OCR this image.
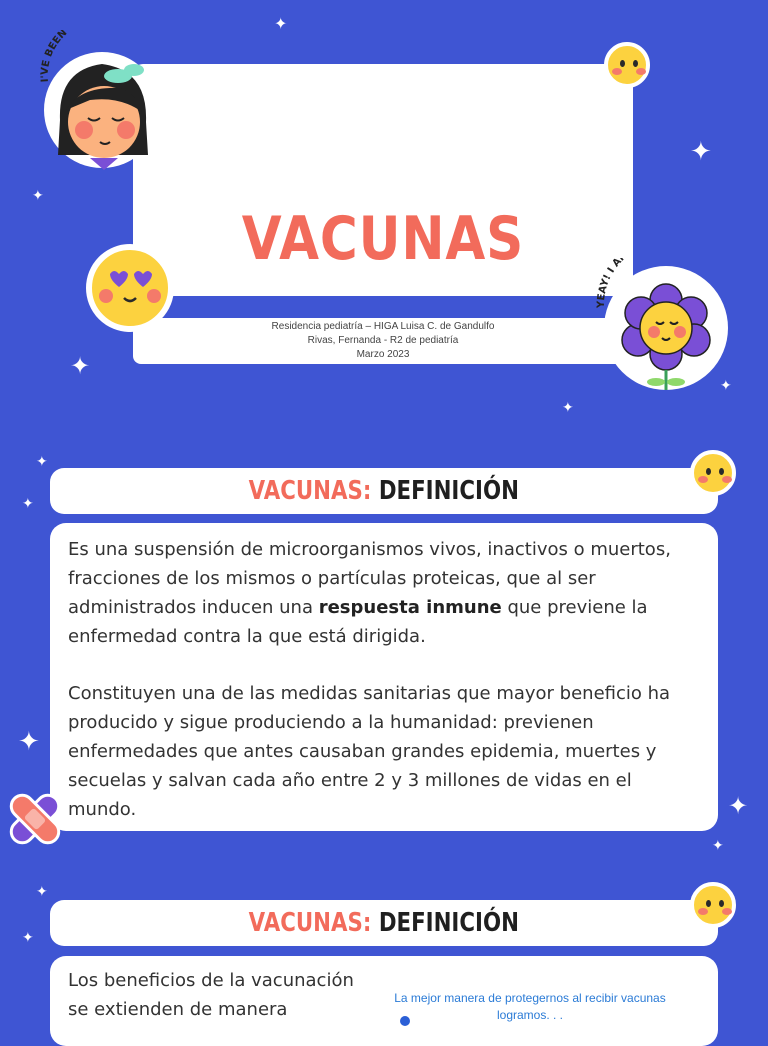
VACUNAS
Residencia pediatría – HIGA Luisa C. de Gandulfo
Rivas, Fernanda - R2 de pediatría
Marzo 2023
I'VE BEEN
YEAY! I A
✦
✦
✦
✦
✦
✦
✦
✦
✦
✦
✦
✦
✦
VACUNAS: DEFINICIÓN

Es una suspensión de microorganismos vivos, inactivos o muertos, fracciones de los mismos o partículas proteicas, que al ser administrados inducen una respuesta inmune que previene la enfermedad contra la que está dirigida.

Constituyen una de las medidas sanitarias que mayor beneficio ha producido y sigue produciendo a la humanidad: previenen enfermedades que antes causaban grandes epidemia, muertes y secuelas y salvan cada año entre 2 y 3 millones de vidas en el mundo.

VACUNAS: DEFINICIÓN

Los beneficios de la vacunación se extienden de manera

La mejor manera de protegernos al recibir vacunas logramos. . .
